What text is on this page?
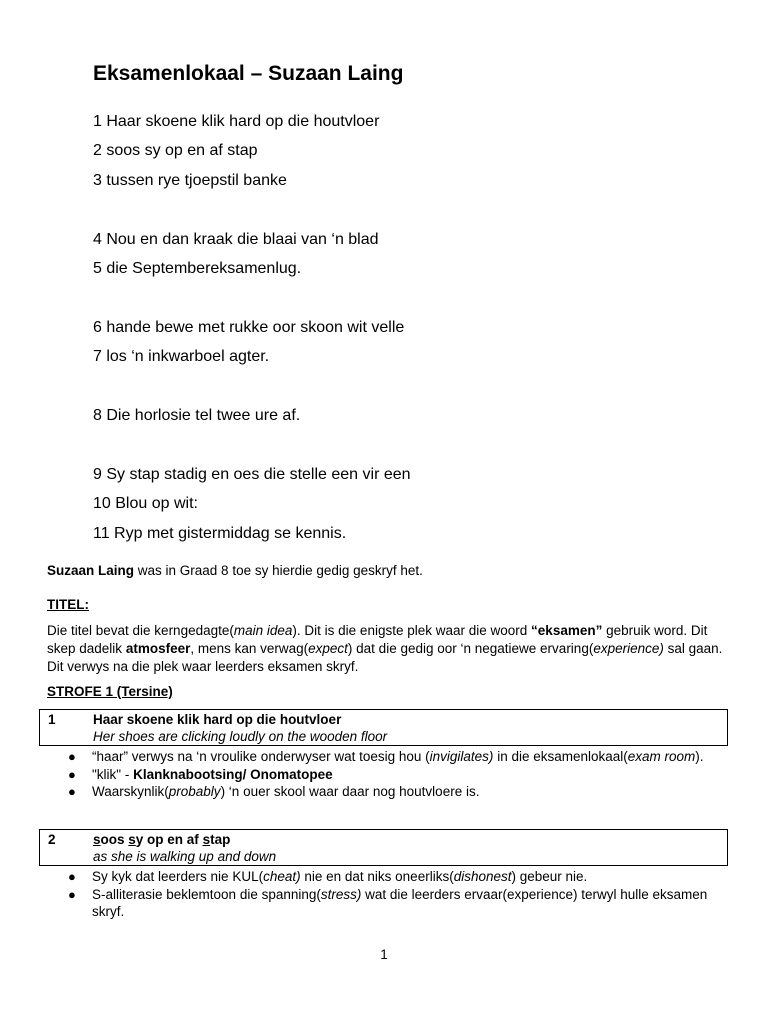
Eksamenlokaal – Suzaan Laing
1 Haar skoene klik hard op die houtvloer
2 soos sy op en af stap
3 tussen rye tjoepstil banke
4 Nou en dan kraak die blaai van ‘n blad
5 die Septembereksamenlug.
6 hande bewe met rukke oor skoon wit velle
7 los ‘n inkwarboel agter.
8 Die horlosie tel twee ure af.
9 Sy stap stadig en oes die stelle een vir een
10 Blou op wit:
11 Ryp met gistermiddag se kennis.
Suzaan Laing was in Graad 8 toe sy hierdie gedig geskryf het.
TITEL:
Die titel bevat die kerngedagte(main idea). Dit is die enigste plek waar die woord “eksamen” gebruik word. Dit skep dadelik atmosfeer, mens kan verwag(expect) dat die gedig oor ‘n negatiewe ervaring(experience) sal gaan. Dit verwys na die plek waar leerders eksamen skryf.
STROFE 1 (Tersine)
1	Haar skoene klik hard op die houtvloer
Her shoes are clicking loudly on the wooden floor
● “haar” verwys na ‘n vroulike onderwyser wat toesig hou (invigilates) in die eksamenlokaal(exam room).
● "klik" - Klanknabootsing/ Onomatopee
● Waarskynlik(probably) ‘n ouer skool waar daar nog houtvloere is.
2	soos sy op en af stap
as she is walking up and down
● Sy kyk dat leerders nie KUL(cheat) nie en dat niks oneerliks(dishonest) gebeur nie.
● S-alliterasie beklemtoon die spanning(stress) wat die leerders ervaar(experience) terwyl hulle eksamen skryf.
1
